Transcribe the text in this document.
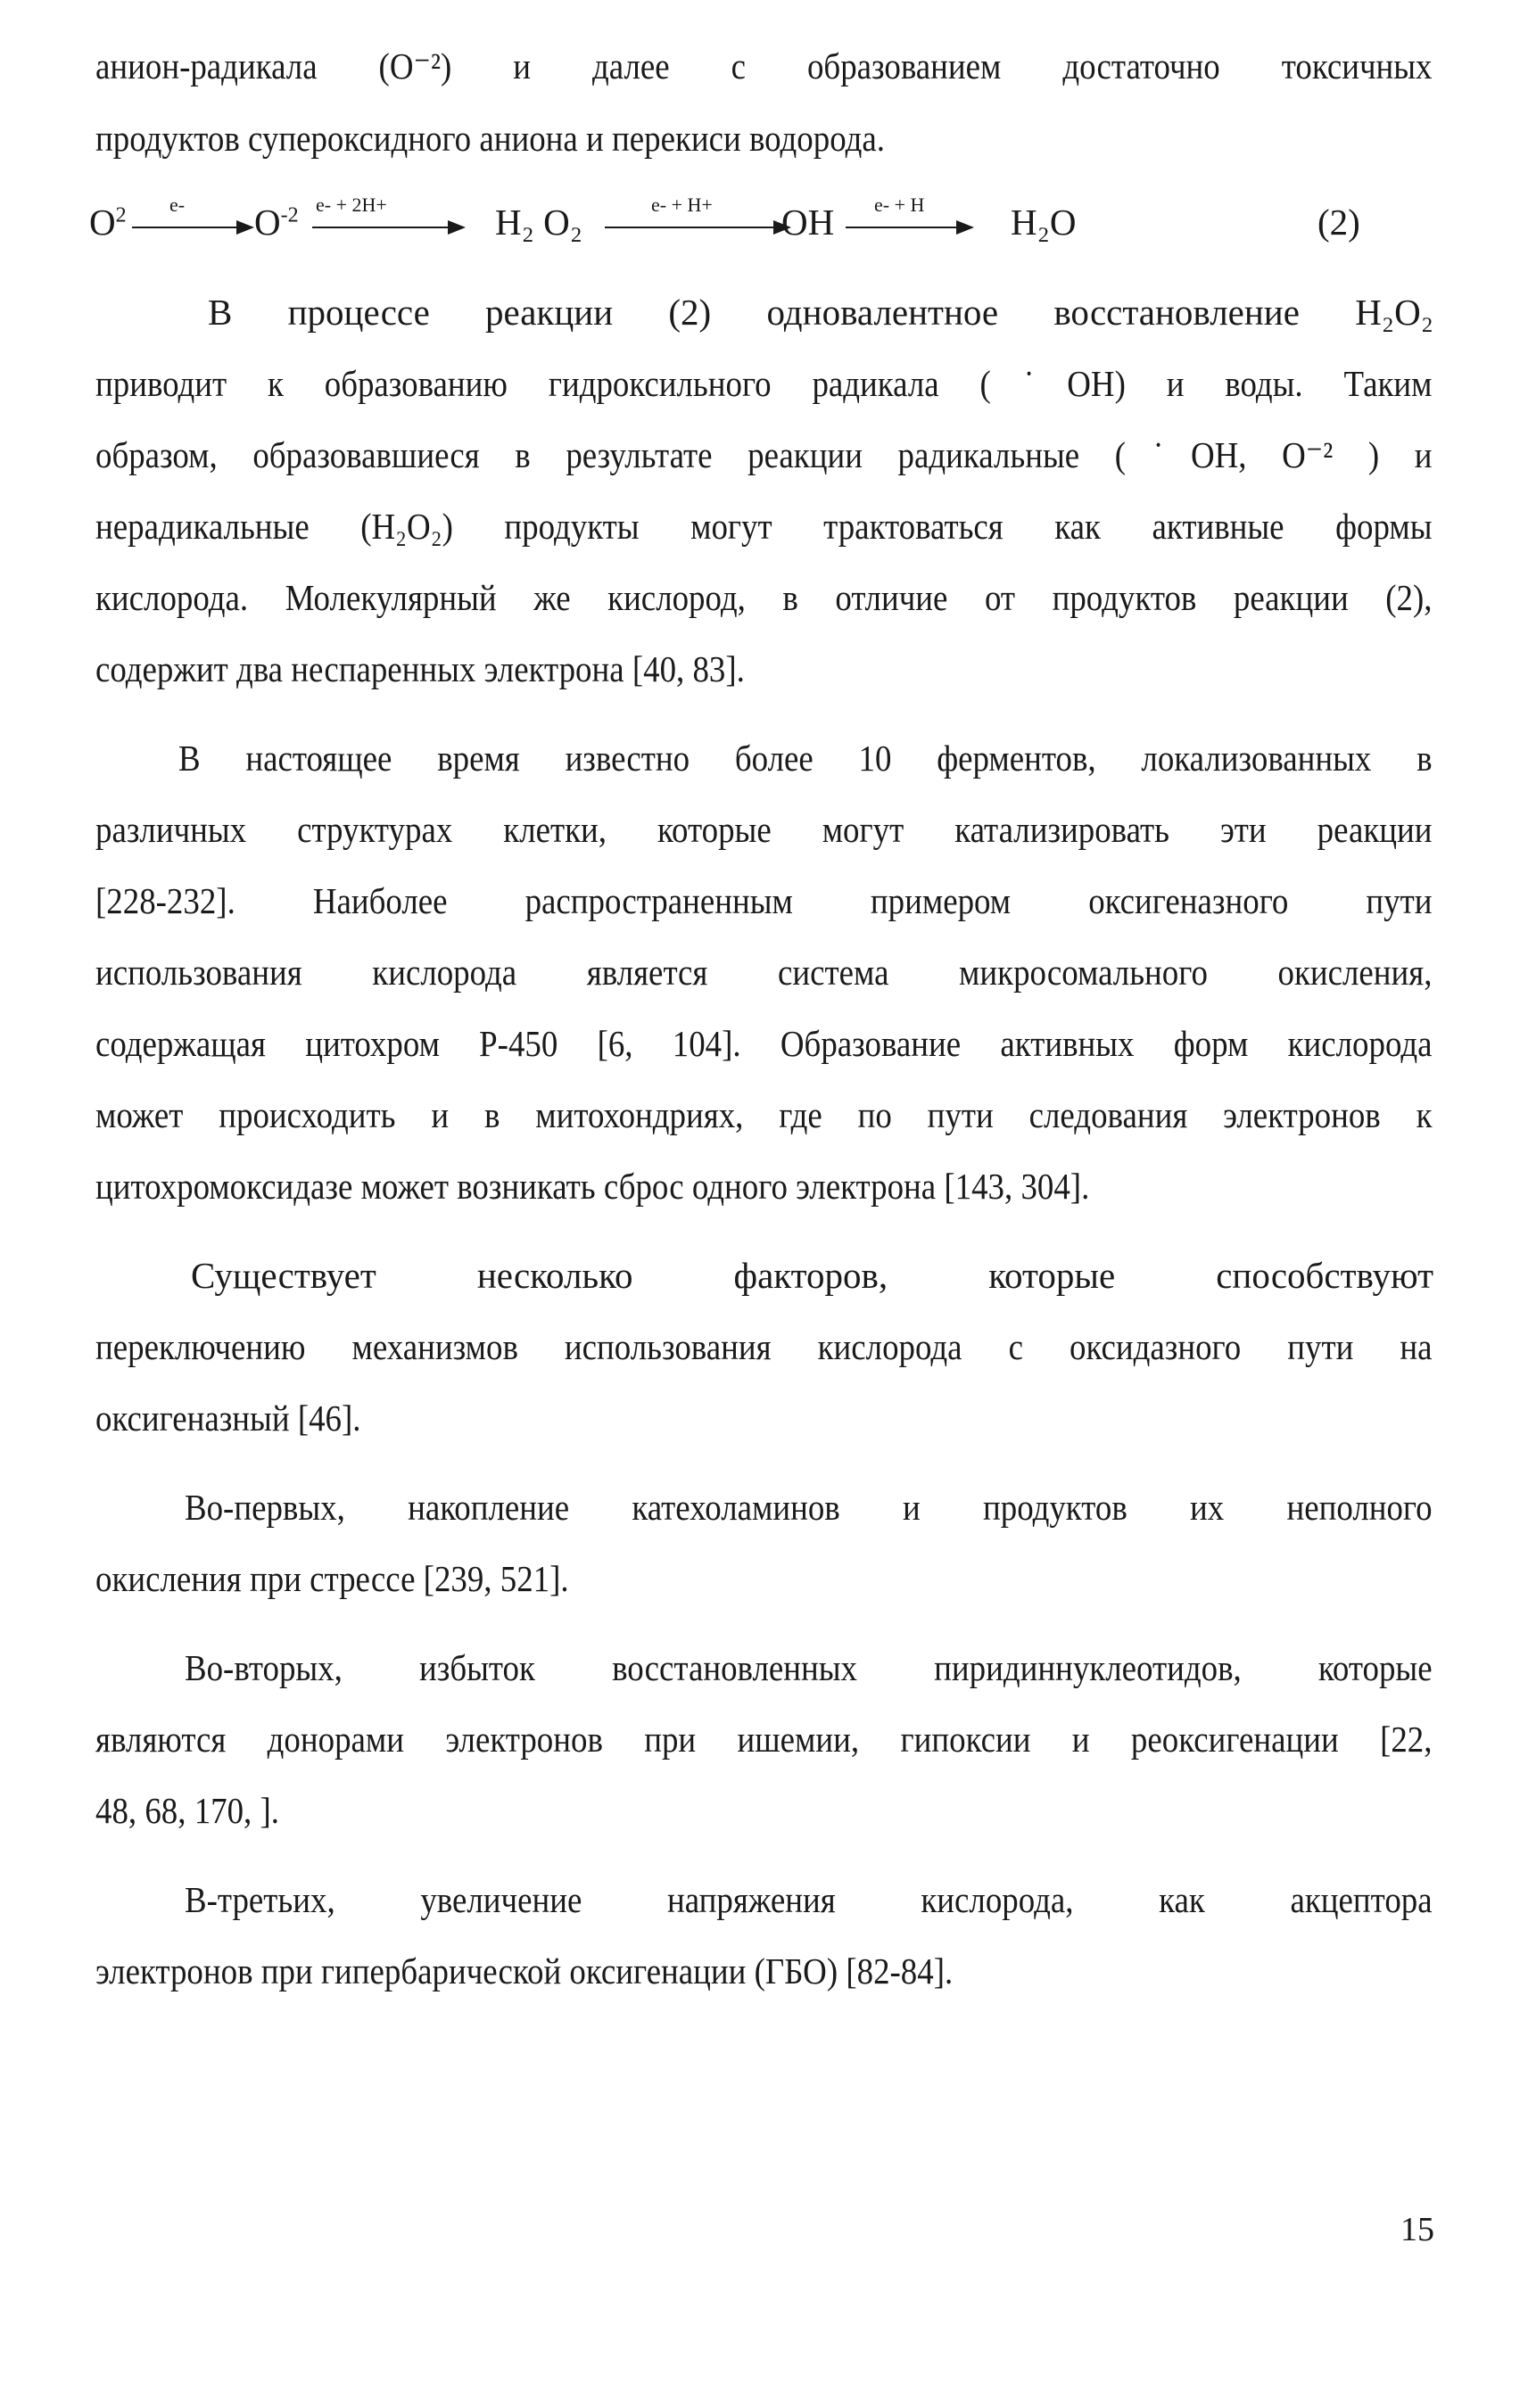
анион-радикала (O⁻²) и далее с образованием достаточно токсичных

продуктов супероксидного аниона и перекиси водорода.

$O^2$ e- $O^{-2}$ e- + 2H+	H₂ O₂	e- + H+ OH e- + H H₂O	(2)

В процессе реакции (2) одновалентное восстановление H₂O₂

приводит к образованию гидроксильного радикала (˙OH) и воды. Таким

образом, образовавшиеся в результате реакции радикальные (˙OH, O⁻² ) и

нерадикальные (H₂O₂) продукты могут трактоваться как активные формы

кислорода. Молекулярный же кислород, в отличие от продуктов реакции (2),

содержит два неспаренных электрона [40, 83].

В настоящее время известно более 10 ферментов, локализованных в

различных структурах клетки, которые могут катализировать эти реакции

[228-232]. Наиболее распространенным примером оксигеназного пути

использования кислорода является система микросомального окисления,

содержащая цитохром P-450 [6, 104]. Образование активных форм кислорода

может происходить и в митохондриях, где по пути следования электронов к

цитохромоксидазе может возникать сброс одного электрона [143, 304].

Существует несколько факторов, которые способствуют

переключению механизмов использования кислорода с оксидазного пути на

оксигеназный [46].

Во-первых, накопление катехоламинов и продуктов их неполного

окисления при стрессе [239, 521].

Во-вторых, избыток восстановленных пиридиннуклеотидов, которые

являются донорами электронов при ишемии, гипоксии и реоксигенации [22,

48, 68, 170, ].

В-третьих, увеличение напряжения кислорода, как акцептора

электронов при гипербарической оксигенации (ГБО) [82-84].

15
